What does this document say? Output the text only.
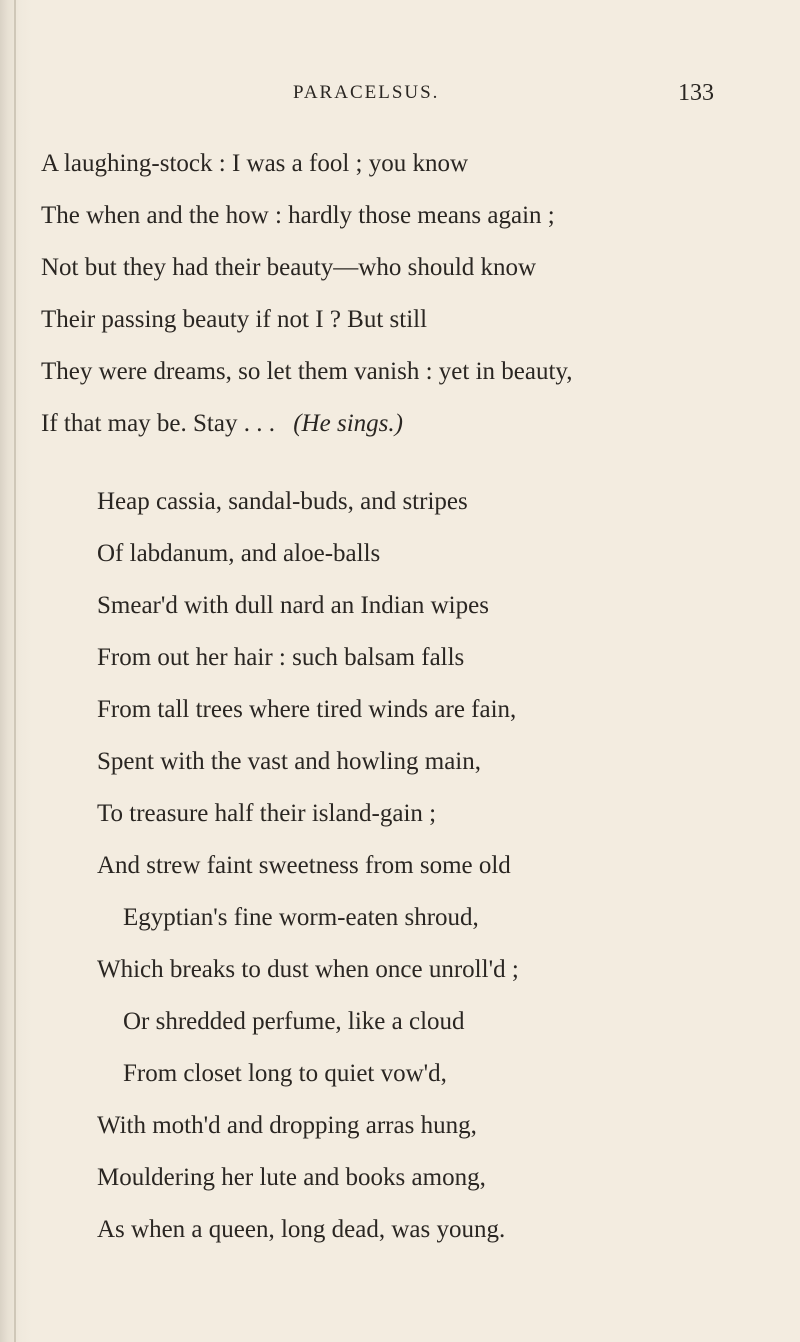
PARACELSUS.	133
A laughing-stock : I was a fool ; you know
The when and the how : hardly those means again ;
Not but they had their beauty—who should know
Their passing beauty if not I ? But still
They were dreams, so let them vanish : yet in beauty,
If that may be. Stay . . . (He sings.)
Heap cassia, sandal-buds, and stripes
Of labdanum, and aloe-balls
Smear'd with dull nard an Indian wipes
From out her hair : such balsam falls
From tall trees where tired winds are fain,
Spent with the vast and howling main,
To treasure half their island-gain ;
And strew faint sweetness from some old
Egyptian's fine worm-eaten shroud,
Which breaks to dust when once unroll'd ;
Or shredded perfume, like a cloud
From closet long to quiet vow'd,
With moth'd and dropping arras hung,
Mouldering her lute and books among,
As when a queen, long dead, was young.
